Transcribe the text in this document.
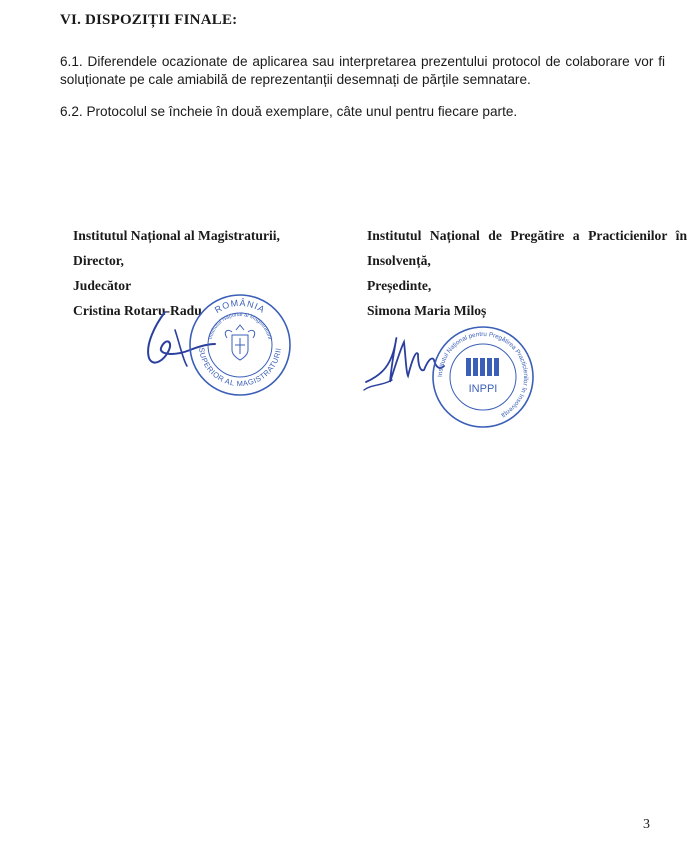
VI. DISPOZIȚII FINALE:
6.1. Diferendele ocazionate de aplicarea sau interpretarea prezentului protocol de colaborare vor fi soluționate pe cale amiabilă de reprezentanții desemnați de părțile semnatare.
6.2. Protocolul se încheie în două exemplare, câte unul pentru fiecare parte.
Institutul Național al Magistraturii,
Director,
Judecător
Cristina Rotaru-Radu
Institutul Național de Pregătire a Practicienilor în
Insolvență,
Președinte,
Simona Maria Miloș
ROMÂNIA
SUPERIOR AL MAGISTRATURII
Institutul Național al Magistraturii
Institutul Național pentru Pregătirea Practicienilor în Insolvență
INPPI
3
